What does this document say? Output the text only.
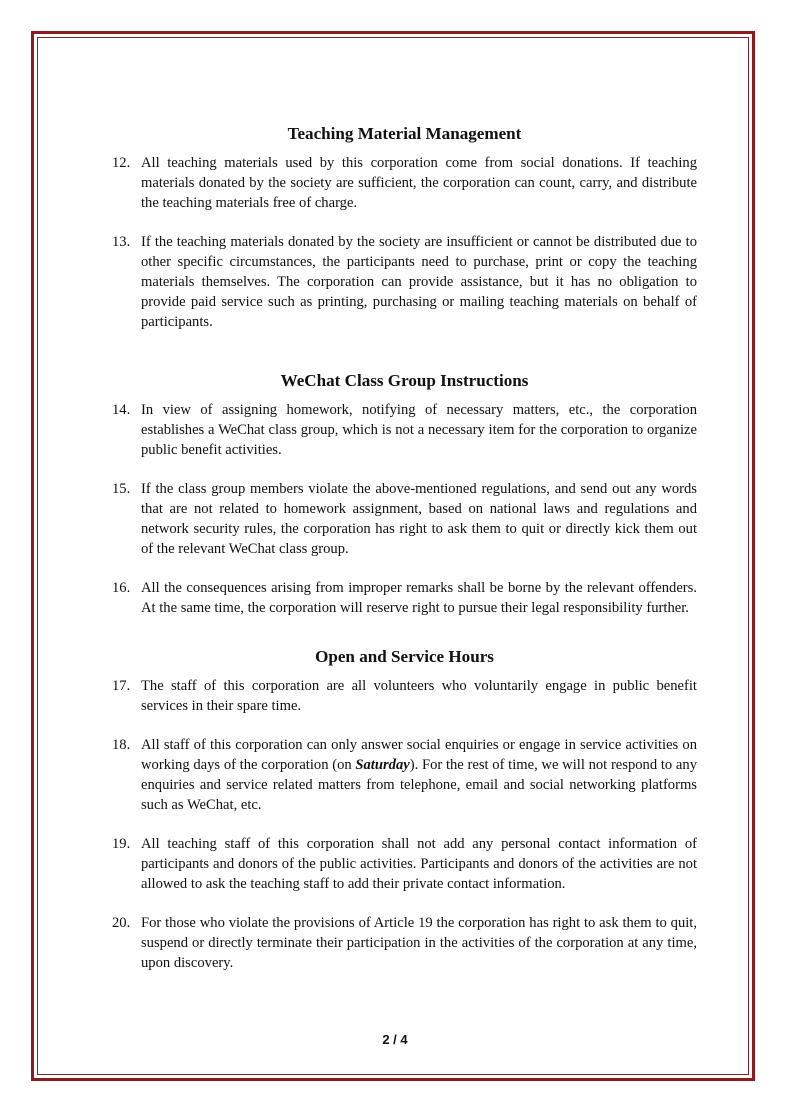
Teaching Material Management

12. All teaching materials used by this corporation come from social donations. If teaching materials donated by the society are sufficient, the corporation can count, carry, and distribute the teaching materials free of charge.

13. If the teaching materials donated by the society are insufficient or cannot be distributed due to other specific circumstances, the participants need to purchase, print or copy the teaching materials themselves. The corporation can provide assistance, but it has no obligation to provide paid service such as printing, purchasing or mailing teaching materials on behalf of participants.

WeChat Class Group Instructions

14. In view of assigning homework, notifying of necessary matters, etc., the corporation establishes a WeChat class group, which is not a necessary item for the corporation to organize public benefit activities.

15. If the class group members violate the above-mentioned regulations, and send out any words that are not related to homework assignment, based on national laws and regulations and network security rules, the corporation has right to ask them to quit or directly kick them out of the relevant WeChat class group.

16. All the consequences arising from improper remarks shall be borne by the relevant offenders. At the same time, the corporation will reserve right to pursue their legal responsibility further.

Open and Service Hours

17. The staff of this corporation are all volunteers who voluntarily engage in public benefit services in their spare time.

18. All staff of this corporation can only answer social enquiries or engage in service activities on working days of the corporation (on Saturday). For the rest of time, we will not respond to any enquiries and service related matters from telephone, email and social networking platforms such as WeChat, etc.

19. All teaching staff of this corporation shall not add any personal contact information of participants and donors of the public activities. Participants and donors of the activities are not allowed to ask the teaching staff to add their private contact information.

20. For those who violate the provisions of Article 19 the corporation has right to ask them to quit, suspend or directly terminate their participation in the activities of the corporation at any time, upon discovery.

2 / 4
